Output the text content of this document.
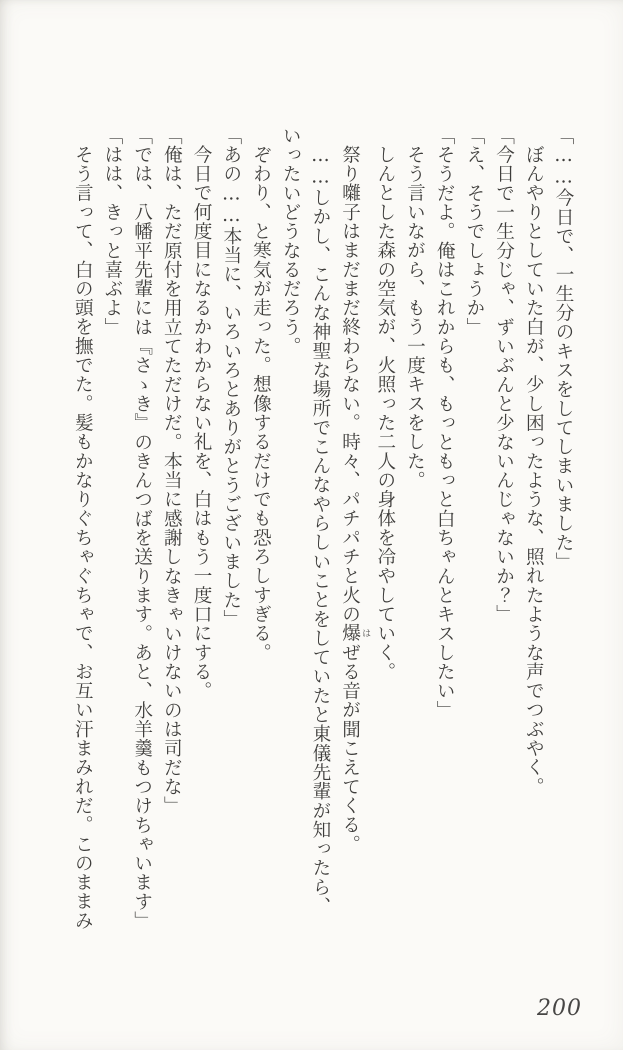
「……今日で、一生分のキスをしてしまいました」

ぼんやりとしていた白が、少し困ったような、照れたような声でつぶやく。

「今日で一生分じゃ、ずいぶんと少ないんじゃないか？」

「え、そうでしょうか」

「そうだよ。俺はこれからも、もっともっと白ちゃんとキスしたい」

そう言いながら、もう一度キスをした。

しんとした森の空気が、火照った二人の身体を冷やしていく。

祭り囃子はまだまだ終わらない。時々、パチパチと火の爆 はぜる音が聞こえてくる。

……しかし、こんな神聖な場所でこんなやらしいことをしていたと東儀先輩が知ったら、いったいどうなるだろう。

ぞわり、と寒気が走った。想像するだけでも恐ろしすぎる。

「あの……本当に、いろいろとありがとうございました」

今日で何度目になるかわからない礼を、白はもう一度口にする。

「俺は、ただ原付を用立てただけだ。本当に感謝しなきゃいけないのは司だな」

「では、八幡平先輩には『さゝき』のきんつばを送ります。あと、水羊羹もつけちゃいます」

「はは、きっと喜ぶよ」

そう言って、白の頭を撫でた。髪もかなりぐちゃぐちゃで、お互い汗まみれだ。このままみ

200
